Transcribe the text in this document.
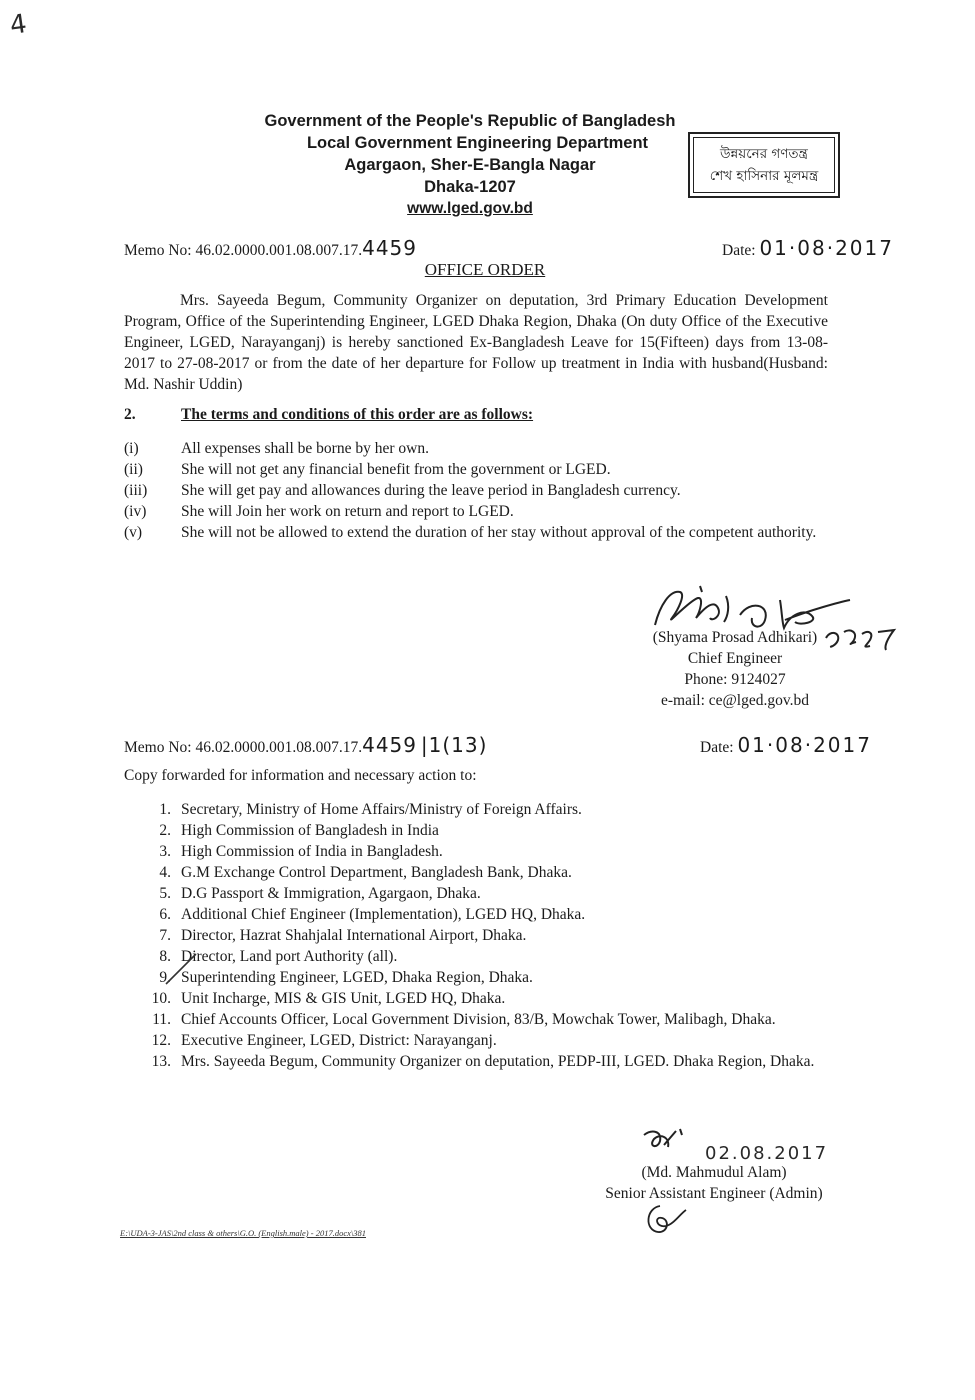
4
Government of the People's Republic of Bangladesh
Local Government Engineering Department
Agargaon, Sher-E-Bangla Nagar
Dhaka-1207
www.lged.gov.bd
উন্নয়নের গণতন্ত্র
শেখ হাসিনার মূলমন্ত্র
Memo No: 46.02.0000.001.08.007.17.4459	Date: 01·08·2017
OFFICE ORDER
Mrs. Sayeeda Begum, Community Organizer on deputation, 3rd Primary Education Development Program, Office of the Superintending Engineer, LGED Dhaka Region, Dhaka (On duty Office of the Executive Engineer, LGED, Narayanganj) is hereby sanctioned Ex-Bangladesh Leave for 15(Fifteen) days from 13-08-2017 to 27-08-2017 or from the date of her departure for Follow up treatment in India with husband(Husband: Md. Nashir Uddin)
2.	The terms and conditions of this order are as follows:
(i)	All expenses shall be borne by her own.
(ii)	She will not get any financial benefit from the government or LGED.
(iii)	She will get pay and allowances during the leave period in Bangladesh currency.
(iv)	She will Join her work on return and report to LGED.
(v)	She will not be allowed to extend the duration of her stay without approval of the competent authority.
(Shyama Prosad Adhikari)
Chief Engineer
Phone: 9124027
e-mail: ce@lged.gov.bd
Memo No: 46.02.0000.001.08.007.17.4459 |1(13)	Date: 01·08·2017
Copy forwarded for information and necessary action to:
1. Secretary, Ministry of Home Affairs/Ministry of Foreign Affairs.
2. High Commission of Bangladesh in India
3. High Commission of India in Bangladesh.
4. G.M Exchange Control Department, Bangladesh Bank, Dhaka.
5. D.G Passport & Immigration, Agargaon, Dhaka.
6. Additional Chief Engineer (Implementation), LGED HQ, Dhaka.
7. Director, Hazrat Shahjalal International Airport, Dhaka.
8. Director, Land port Authority (all).
9. Superintending Engineer, LGED, Dhaka Region, Dhaka.
10. Unit Incharge, MIS & GIS Unit, LGED HQ, Dhaka.
11. Chief Accounts Officer, Local Government Division, 83/B, Mowchak Tower, Malibagh, Dhaka.
12. Executive Engineer, LGED, District: Narayanganj.
13. Mrs. Sayeeda Begum, Community Organizer on deputation, PEDP-III, LGED. Dhaka Region, Dhaka.
02.08.2017
(Md. Mahmudul Alam)
Senior Assistant Engineer (Admin)
E:\UDA-3-JAS\2nd class & others\G.O. (English.male) - 2017.docx\381
